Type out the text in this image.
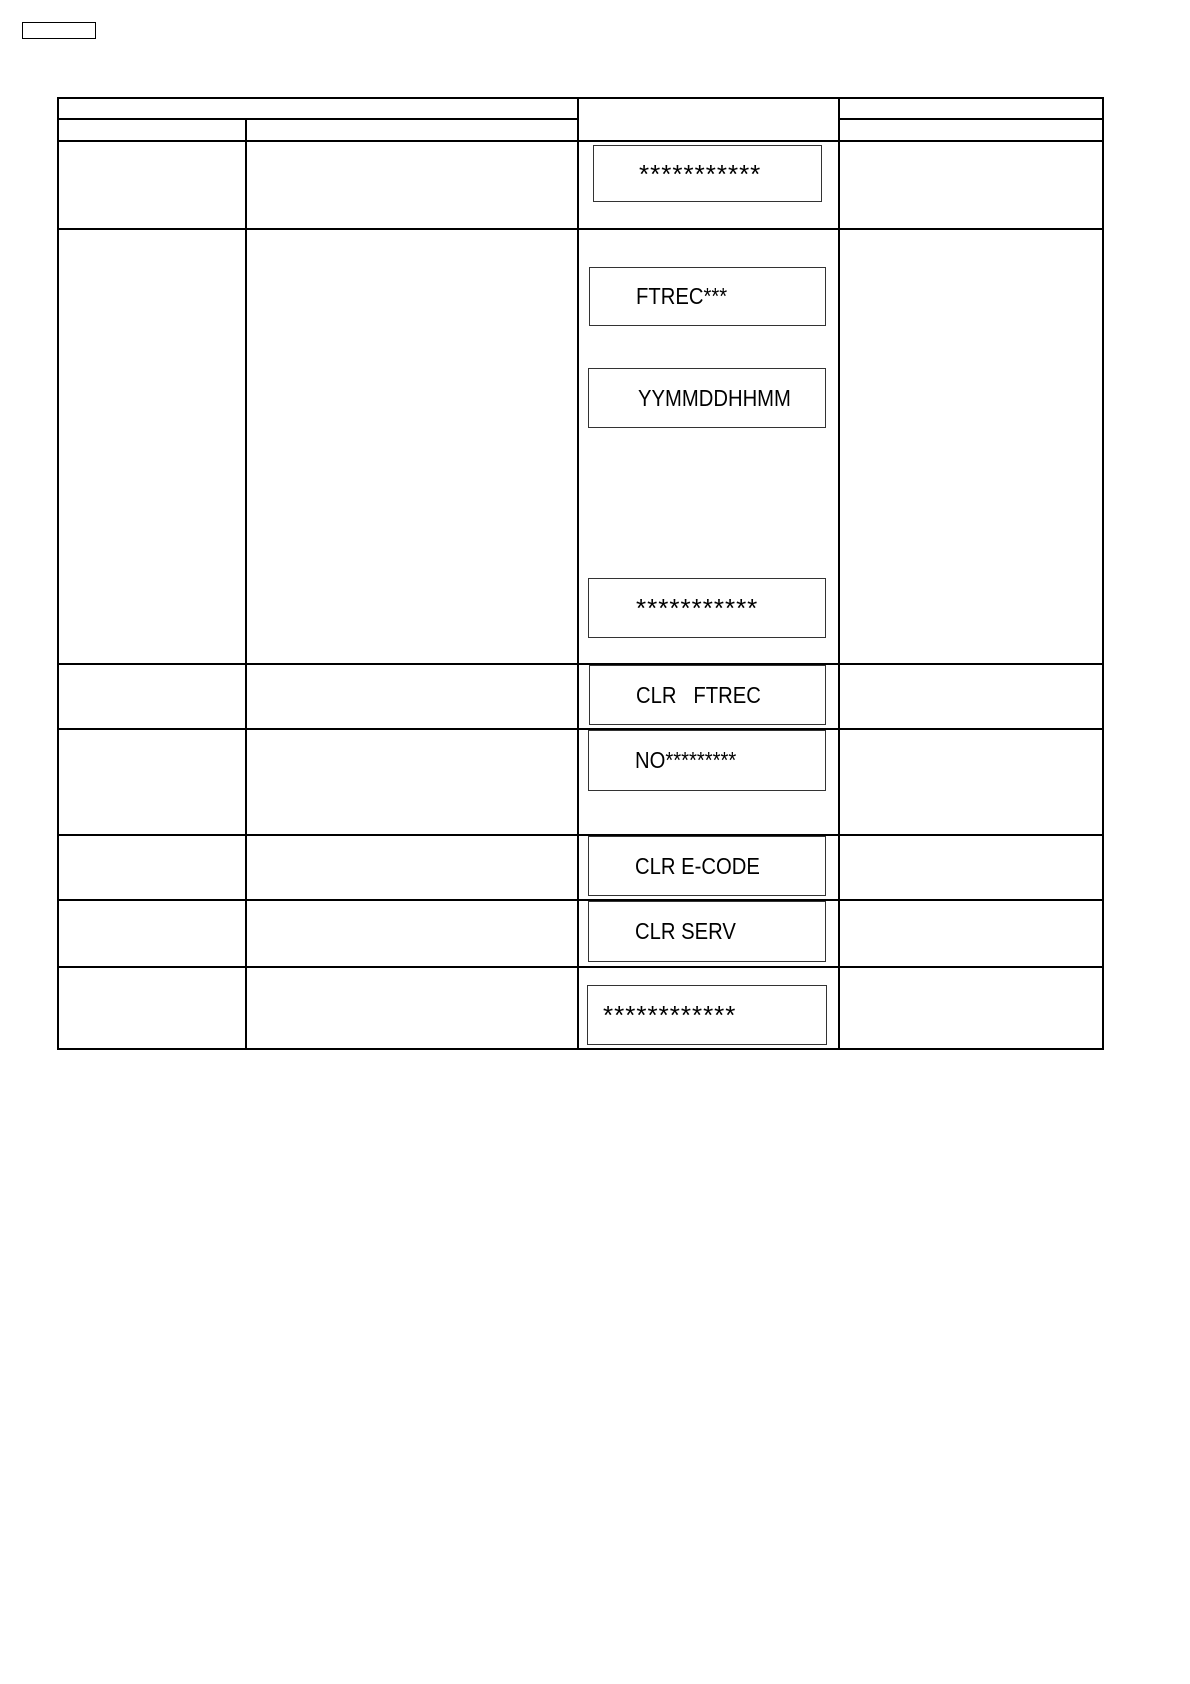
***********
FTREC***
YYMMDDHHMM
***********
CLR   FTREC
NO*********
CLR E-CODE
CLR SERV
************
